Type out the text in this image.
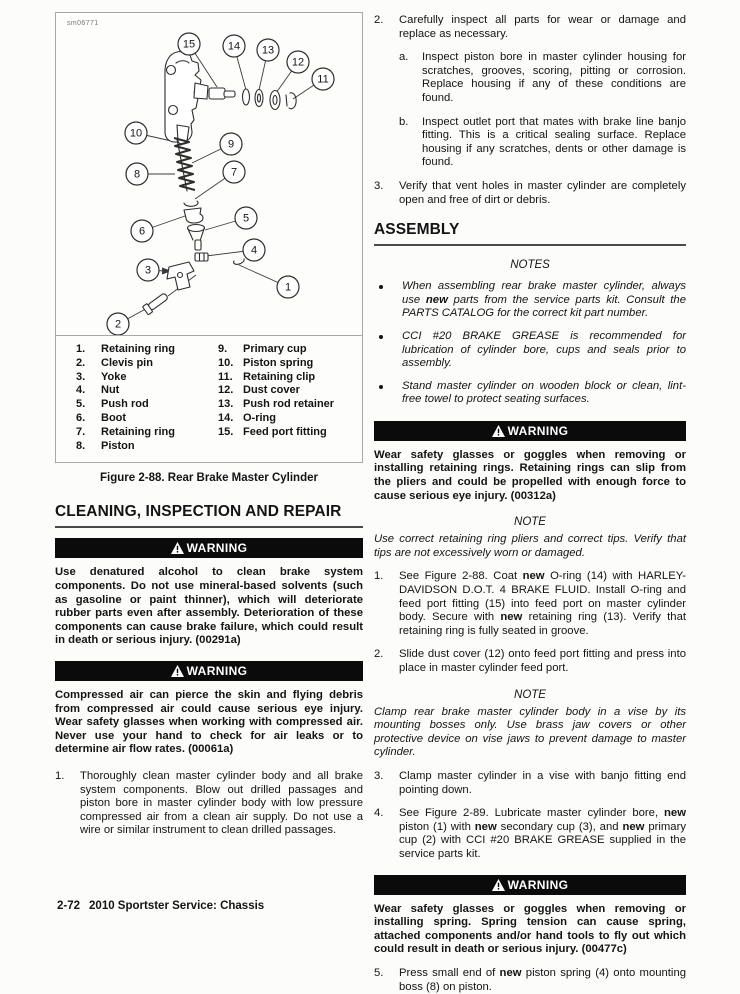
sm06771
1
2
3
4
5
6
7
8
9
10
11
12
13
14
15
1.	Retaining ring
2.	Clevis pin
3.	Yoke
4.	Nut
5.	Push rod
6.	Boot
7.	Retaining ring
8.	Piston
9.	Primary cup
10. Piston spring
11. Retaining clip
12. Dust cover
13. Push rod retainer
14. O-ring
15. Feed port fitting
Figure 2-88. Rear Brake Master Cylinder
CLEANING, INSPECTION AND REPAIR
WARNING

Use denatured alcohol to clean brake system components. Do not use mineral-based solvents (such as gasoline or paint thinner), which will deteriorate rubber parts even after assembly. Deterioration of these components can cause brake failure, which could result in death or serious injury. (00291a)

WARNING

Compressed air can pierce the skin and flying debris from compressed air could cause serious eye injury. Wear safety glasses when working with compressed air. Never use your hand to check for air leaks or to determine air flow rates. (00061a)

1.	Thoroughly clean master cylinder body and all brake system components. Blow out drilled passages and piston bore in master cylinder body with low pressure compressed air from a clean air supply. Do not use a wire or similar instrument to clean drilled passages.
2.	Carefully inspect all parts for wear or damage and replace as necessary.
a.	Inspect piston bore in master cylinder housing for scratches, grooves, scoring, pitting or corrosion. Replace housing if any of these conditions are found.
b.	Inspect outlet port that mates with brake line banjo fitting. This is a critical sealing surface. Replace housing if any scratches, dents or other damage is found.
3.	Verify that vent holes in master cylinder are completely open and free of dirt or debris.
ASSEMBLY
NOTES
When assembling rear brake master cylinder, always use new parts from the service parts kit. Consult the PARTS CATALOG for the correct kit part number.
CCI #20 BRAKE GREASE is recommended for lubrication of cylinder bore, cups and seals prior to assembly.
Stand master cylinder on wooden block or clean, lint-free towel to protect seating surfaces.
WARNING

Wear safety glasses or goggles when removing or installing retaining rings. Retaining rings can slip from the pliers and could be propelled with enough force to cause serious eye injury. (00312a)

NOTE

Use correct retaining ring pliers and correct tips. Verify that tips are not excessively worn or damaged.

1.	See Figure 2-88. Coat new O-ring (14) with HARLEY-DAVIDSON D.O.T. 4 BRAKE FLUID. Install O-ring and feed port fitting (15) into feed port on master cylinder body. Secure with new retaining ring (13). Verify that retaining ring is fully seated in groove.
2.	Slide dust cover (12) onto feed port fitting and press into place in master cylinder feed port.
NOTE

Clamp rear brake master cylinder body in a vise by its mounting bosses only. Use brass jaw covers or other protective device on vise jaws to prevent damage to master cylinder.

3.	Clamp master cylinder in a vise with banjo fitting end pointing down.
4.	See Figure 2-89. Lubricate master cylinder bore, new piston (1) with new secondary cup (3), and new primary cup (2) with CCI #20 BRAKE GREASE supplied in the service parts kit.
WARNING

Wear safety glasses or goggles when removing or installing spring. Spring tension can cause spring, attached components and/or hand tools to fly out which could result in death or serious injury. (00477c)

5.	Press small end of new piston spring (4) onto mounting boss (8) on piston.
2-72 2010 Sportster Service: Chassis
